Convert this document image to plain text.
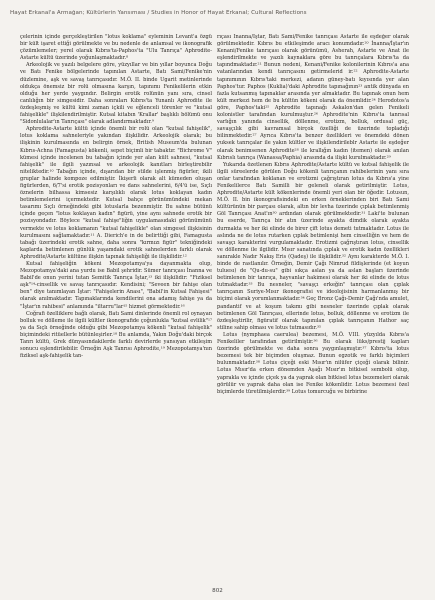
Hayat Erkanal'a Armağan; Kültürlerin Yansıması / Studies in Honor of Hayat Erkanal; Cultural Reflections

çelerinin içinde gerçekleştirilen "lotus koklama" eyleminin Levant'a özgü bir kült işaret ettiği görülmekte ve bu nedenle de anlamsal ve ikonografik çözümlemeler; yerel olarak Kıbrıs'ta-Paphos'ta "Ulu Tanrıça" Aphrodite-Astarte kültü üzerinde yoğunlaşmaktadır.⁸

Arkeolojik ve yazılı belgelere göre, yüzyıllar ve bin yıllar boyunca Doğu ve Batı Fenike bölgelerinde tapınılan Astarte, Batı Sami/Fenike'nin düzlemine, aşk ve savaş tanrıçasıdır. M.Ö. II. binde Ugarit metinlerinde oldukça önemsiz bir rolü olmasına karşın, tapınımı Fenikelilerin etkin olduğu her yerde yaygındır. Belirgin erotik rolünün yanı sıra, cinsel canlılığın bir simgesidir. Daha sonraları Kıbrıs'ta Yunanlı Aphrodite ile özdeşleşmiş ve kültü kimi zaman içkili ve eğlenceli törenler ve "kutsal fahişelikle" ilişkilendirilmiştir. Kutsal kitabın 'Krallar' başlıklı bölümü onu "Sidonlulalar'ın Tanrıçası" olarak adlandırmaktadır.⁹

Aphrodite-Astarte kültü içinde önemli bir rolü olan "kutsal fahişelik", lotus koklama sahneleriyle yakından ilişkilidir. Arkeolojik olarak; bu ilişkinin kurulmasında en belirgin örnek, British Museum'da bulunan Kıbrıs-Achna (Famagusta) kökenli, sepet biçimli bir tabaktır. "Bichrome V" kümesi içinde incelenen bu tabağın içinde yer alan kült sahnesi, "kutsal fahişelik" ile ilgili yazınsal ve arkeolojik kanıtları birleştirebilir niteliktedir.¹⁰ Tabağın içinde, dışarıdan bir stilde işlenmiş figürler, ikili gruplar halinde kompoze edilmiştir. İkişerli olarak alt kümeden oluşan figürlerden, 6/7'si erotik pozisyonları ve dans sahnelerini, 6/4'ü ise, Sıçlı öznelerin bilhassa kimsesiz karşılıklı olarak lotus koklayan kadın betimlemelerini içermektedir. Kutsal bahçe görünümündeki mekan tasarımı Sıçlı örneğindeki gibi lotuslarla bezenmiştir. Bu sahne bütünü içinde geçen "lotus koklayan kadın" figürü, yine aynı sahnede erotik bir pozisyondadır. Böylece "kutsal fahişe"liğin uygulamasıdaki görünümünü vermekte ve lotus koklamanın "kutsal fahişelikle" olan simgesel ilişkisinin kurulmasını sağlamaktadır.¹¹ A. Dierich'e in de belirttiği gibi, Famagusta tabağı üzerindeki erotik sahne, daha sonra "kırmızı figür" tekniğindeki kaplarda betimlenen günlük yaşamdaki erotik sahnelerden farklı olarak Aphrodite/Astarte kültüne ilişkin tapınak fahişeliği ile ilişkilidir.¹²

Kutsal fahişeliğin kökeni Mezopotamya'ya dayanmakta olup, Mezopotamya'daki ana yurdu ise Babil şehridir. Sümer tanrıçası İnanna ve Babil'de onun yerini tutan Semitik Tanrıça İştar,¹³ iki ilişkilidir: "Fiziksel aşk"¹⁴-cinsellik ve savaş tanrıçasıdır. Kendisini; "Seveen bir fahişe olan ben" diye tanımlayan İştar: "Fahişelerin Anası", "Babil'in Kutsal Fahişesi" olarak anılmaktadır. Tapınaklarında kendilerini ona adamış fahişe ya da "İştar'ın rahibesi" anlamında "iltarru"lar¹⁵ hizmet görmektedir.¹⁶

Coğrafi özelliklere bağlı olarak, Batı Sami dinlerinde önemli rol oynayan bolluk ve dölleme ile ilgili kültler ikonografide çoğunlukla "kutsal evlilik"¹⁷ ya da Sıçlı örneğinde olduğu gibi Mezopotamya kökenli "kutsal fahişelik" biçimindeki ritüellerle bütünleşirler.¹⁸ Bu anlamda, Yakın Doğu'daki birçok Tanrı kültü, Grek dünyasındakilerde farklı devirlerde yansıyan etkileşim sonucu eşlendirilebilir. Örneğin Aşk Tanrısı Aphrodite,¹⁹ Mezopotamya'nın fiziksel aşk-fahişelik tan-

rıçası İnanna/İştar, Batı Sami/Fenike tanrıçası Astarte ile eşdeğer olarak görülmektedir. Kıbrıs bu etkileşimde aracı konumdadır.²⁰ İnanna/İştar'ın Kenani/Fenike tanrıçası olarak görünümü, Asherah, Astarte ve Anat ile eşlendirilmekte ve yazılı kaynaklara göre bu tanrıçalara Kıbrıs'ta da tapındmaktadır.²¹ Bunun nedeni, Kenani/Fenike kolonilerinin Kıbrıs'a ana vatanlarından kendi tanrıçasını getirmelerid ir.²² Aphrodite-Astarte tapınımının Kıbrıs'taki merkezi, adanın güney-batı kıyısında yer alan Paphos'tur. Paphos (Kuklia)'daki Aphrodite tapınağının²³ antik dünyada en fazla kutsanmış tapınaklar arasında yer almaktadır. Bu tapınak onun hem kült merkezi hem de bu kültün kökeni olarak da önemlidir.²⁴ Herodotos'a göre, Paphos'taki²⁵ Aphrodite tapınağı Askalon'dan gelen Fenikeli kolonistler tarafından kurulmuştur.²⁶ Aphrodite'nin Kıbrıs'ta tanrısal varlığın yanında cinsellik, döllenme, erotizm, bolluk, ordusal güç, savaşçılık gibi kavramsal birçok özelliği de üzerinde topladığı bilinmektedir.²⁷ Ayrıca Kıbrıs'ta benzer özellikleri ve önemdeki dönen yuksek tanrıçalar ile yakın kültler ve ilişkilendirileblr Astarte ile eşdeğer olarak benimsenen Aphrodite²⁸ ile krallığın kadın (itemen) olarak anılan Kıbrıslı tanrıça (Wanassa/Paphia) arasında da ilişki kurulmaktadır.²⁹

Yukarıda özetlenen Kıbrıs Aphrodite/Astarte kültü ve kutsal fahişelik ile ilgili süreelerde görülen Doğu kökenli tanrıçanın rahibelerinin yanı sıra onlar tarafından koklanan ve erotizmi çağrıştıran lotus da Kıbrıs'a yine Fenikelilerce Batı Samilli bir geleneli olarak getirilmiştir. Lotus, Aphrodite/Astarte kült kökenlerinde önemli yeri olan bir öğedir. Lotusun, M.Ö. II. bin ikonografisindeki en erken örneklerinden biri Batı Sami kültürünün bir parçası olarak, altın bir levha üzerinde çıplak betimlenmiş Göl Tanrıçası Anat'ın³⁰ ardından olarak görülmektedir.³¹ Laki'te bulunan bu eserde, Tanrıça bir atın üzerinde ayakta dimdik olarak ayakta durmakta ve her iki elinde de birer çift lotus demeti tutmaktadır. Lotus ile aslında ne de lotus rutarken çıplak betimlenişi hem cinselliğin ve hem de savaşçı karakterini vurgulamaktadır. Erotizmi çağrıştıran lotus, cinsellik ve döllenme ile ilgilidir. Mısır sanatında çıplak ve erotik kadın özellikleri sanırakle Nadır Nakış Eris (Qadeş) ile ilişkilidir.³² Aynı karakterde M.Ö. I. binde de rastlanılır. Örneğin, Demir Çağı Nimrud fildişlerinde (et koyun tuluesı) de "Qu-du-su" gibi sıkça aslan ya da aslan başları üzerinde betimlenen bir tanrıça, hayvanlar hakimesi olarak her iki elinde de lotus tutmaktadır.³³ Bu nesneler, "savaşçı erkeğin" tanrıçası olan çıplak tanrıçanın Suriye-Mısır ikonografisi ve ideolojisinin harmanlanmış bir biçimi olarak yorumlanmaktadır.³⁴ Geç Bronz Çağı-Demir Çağı'nda amulet, pandantif ve at koşum takımı gibi nesneler üzerinde çıplak olarak betimlenen Göl Tanrıçası, ellerinde lotus, bolluk, döllenme ve erotizm ile özdeşleştirilir, figüratif olarak tapınılan çıplak tanrıçanın Hathor saç stiline sahip olması ve lotus tutmasıdır.³⁵

Lotus (nymphaea caerulea) bezemesi, M.Ö. VIII. yüzyılda Kıbrıs'a Fenikeliler tarafından getirilmiştir.³⁶ Bu olarak lüks/prestij kapları üzerinde görülmekte ve daha sonra yaygınlaşmıştır.³⁷ Kıbrıs'ta lotus bezemesi tek bir biçimden oluşmaz. Bunun egzotik ve farklı biçimleri bulunmaktadır.³⁸ Lotus çiçeği eski Mısır'ın nilüfer çiçeği olarak bilinir. Lotus Mısır'da erken dönemden Aşağı Mısır'ın bitkisel sembolü olup, yaprakla ve içinde çiçek ya da yaprak olan bitkisel lotus bezemeleri olarak görülür ve yaprak daha olan ise Fenike kökenlidir. Lotus bezemesi özel biçimlerde türetilmişlerdir.³⁹ Lotus tomurcuğu ve birbirine

802
